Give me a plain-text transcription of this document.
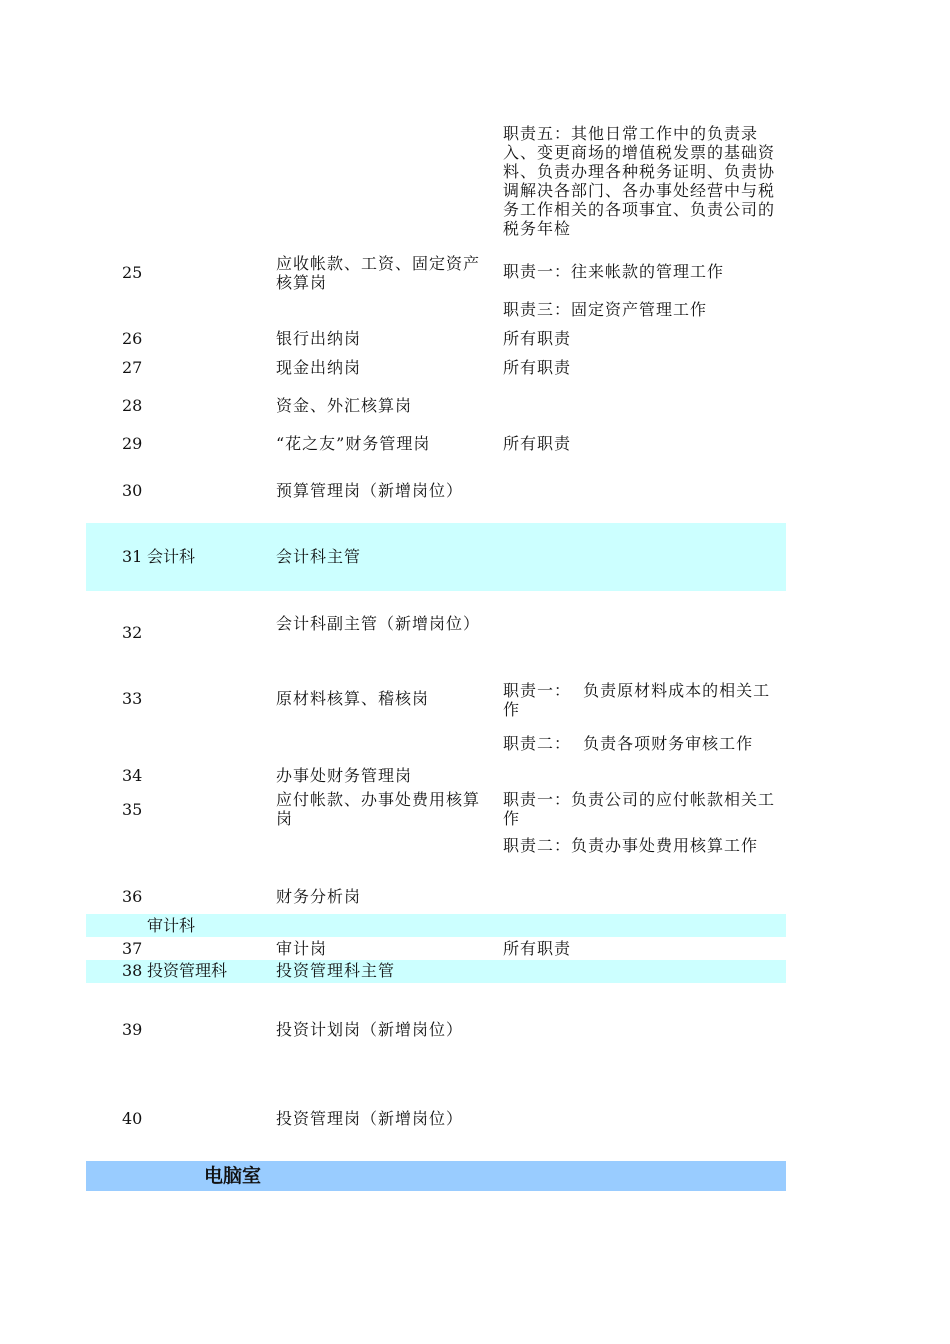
职责五：其他日常工作中的负责录入、变更商场的增值税发票的基础资料、负责办理各种税务证明、负责协调解决各部门、各办事处经营中与税务工作相关的各项事宜、负责公司的税务年检
25	应收帐款、工资、固定资产核算岗
职责一：往来帐款的管理工作
职责三：固定资产管理工作
26	银行出纳岗	所有职责
27	现金出纳岗	所有职责
28	资金、外汇核算岗
29	“花之友”财务管理岗	所有职责
30	预算管理岗（新增岗位）
31 会计科	会计科主管
32	会计科副主管（新增岗位）
33	原材料核算、稽核岗	职责一：  负责原材料成本的相关工作
职责二：  负责各项财务审核工作
34	办事处财务管理岗
35
应付帐款、办事处费用核算岗
职责一：负责公司的应付帐款相关工作
职责二：负责办事处费用核算工作
36	财务分析岗
审计科
37	审计岗	所有职责
38 投资管理科	投资管理科主管
39	投资计划岗（新增岗位）
40	投资管理岗（新增岗位）
电脑室
